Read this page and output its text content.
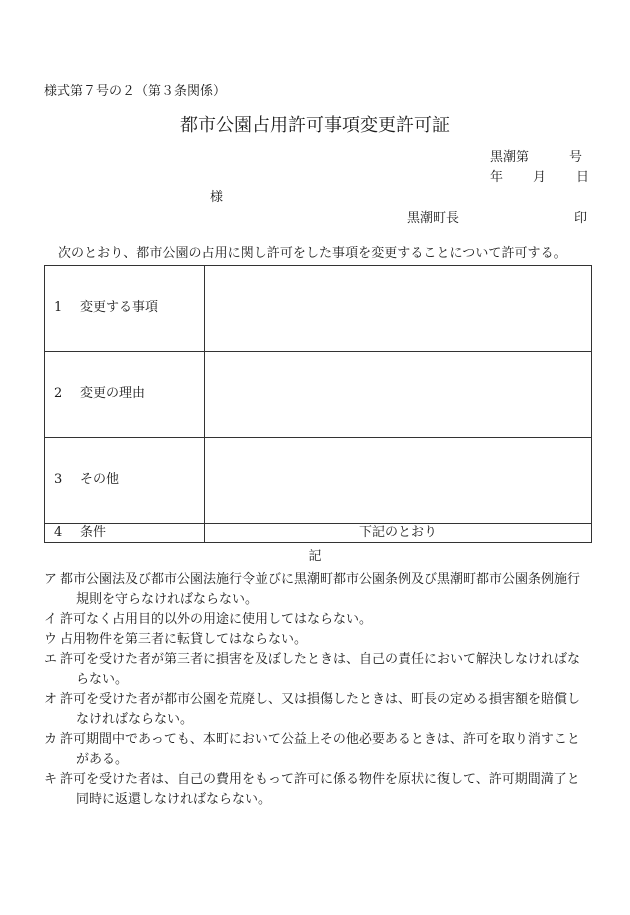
様式第７号の２（第３条関係）
都市公園占用許可事項変更許可証
黒潮第	号
年 月 日
様
黒潮町長	印
次のとおり、都市公園の占用に関し許可をした事項を変更することについて許可する。
1 変更する事項	
2 変更の理由	
3 その他	
4 条件	下記のとおり
記
ア 都市公園法及び都市公園法施行令並びに黒潮町都市公園条例及び黒潮町都市公園条例施行規則を守らなければならない。
イ 許可なく占用目的以外の用途に使用してはならない。
ウ 占用物件を第三者に転貸してはならない。
エ 許可を受けた者が第三者に損害を及ぼしたときは、自己の責任において解決しなければならない。
オ 許可を受けた者が都市公園を荒廃し、又は損傷したときは、町長の定める損害額を賠償しなければならない。
カ 許可期間中であっても、本町において公益上その他必要あるときは、許可を取り消すことがある。
キ 許可を受けた者は、自己の費用をもって許可に係る物件を原状に復して、許可期間満了と同時に返還しなければならない。
